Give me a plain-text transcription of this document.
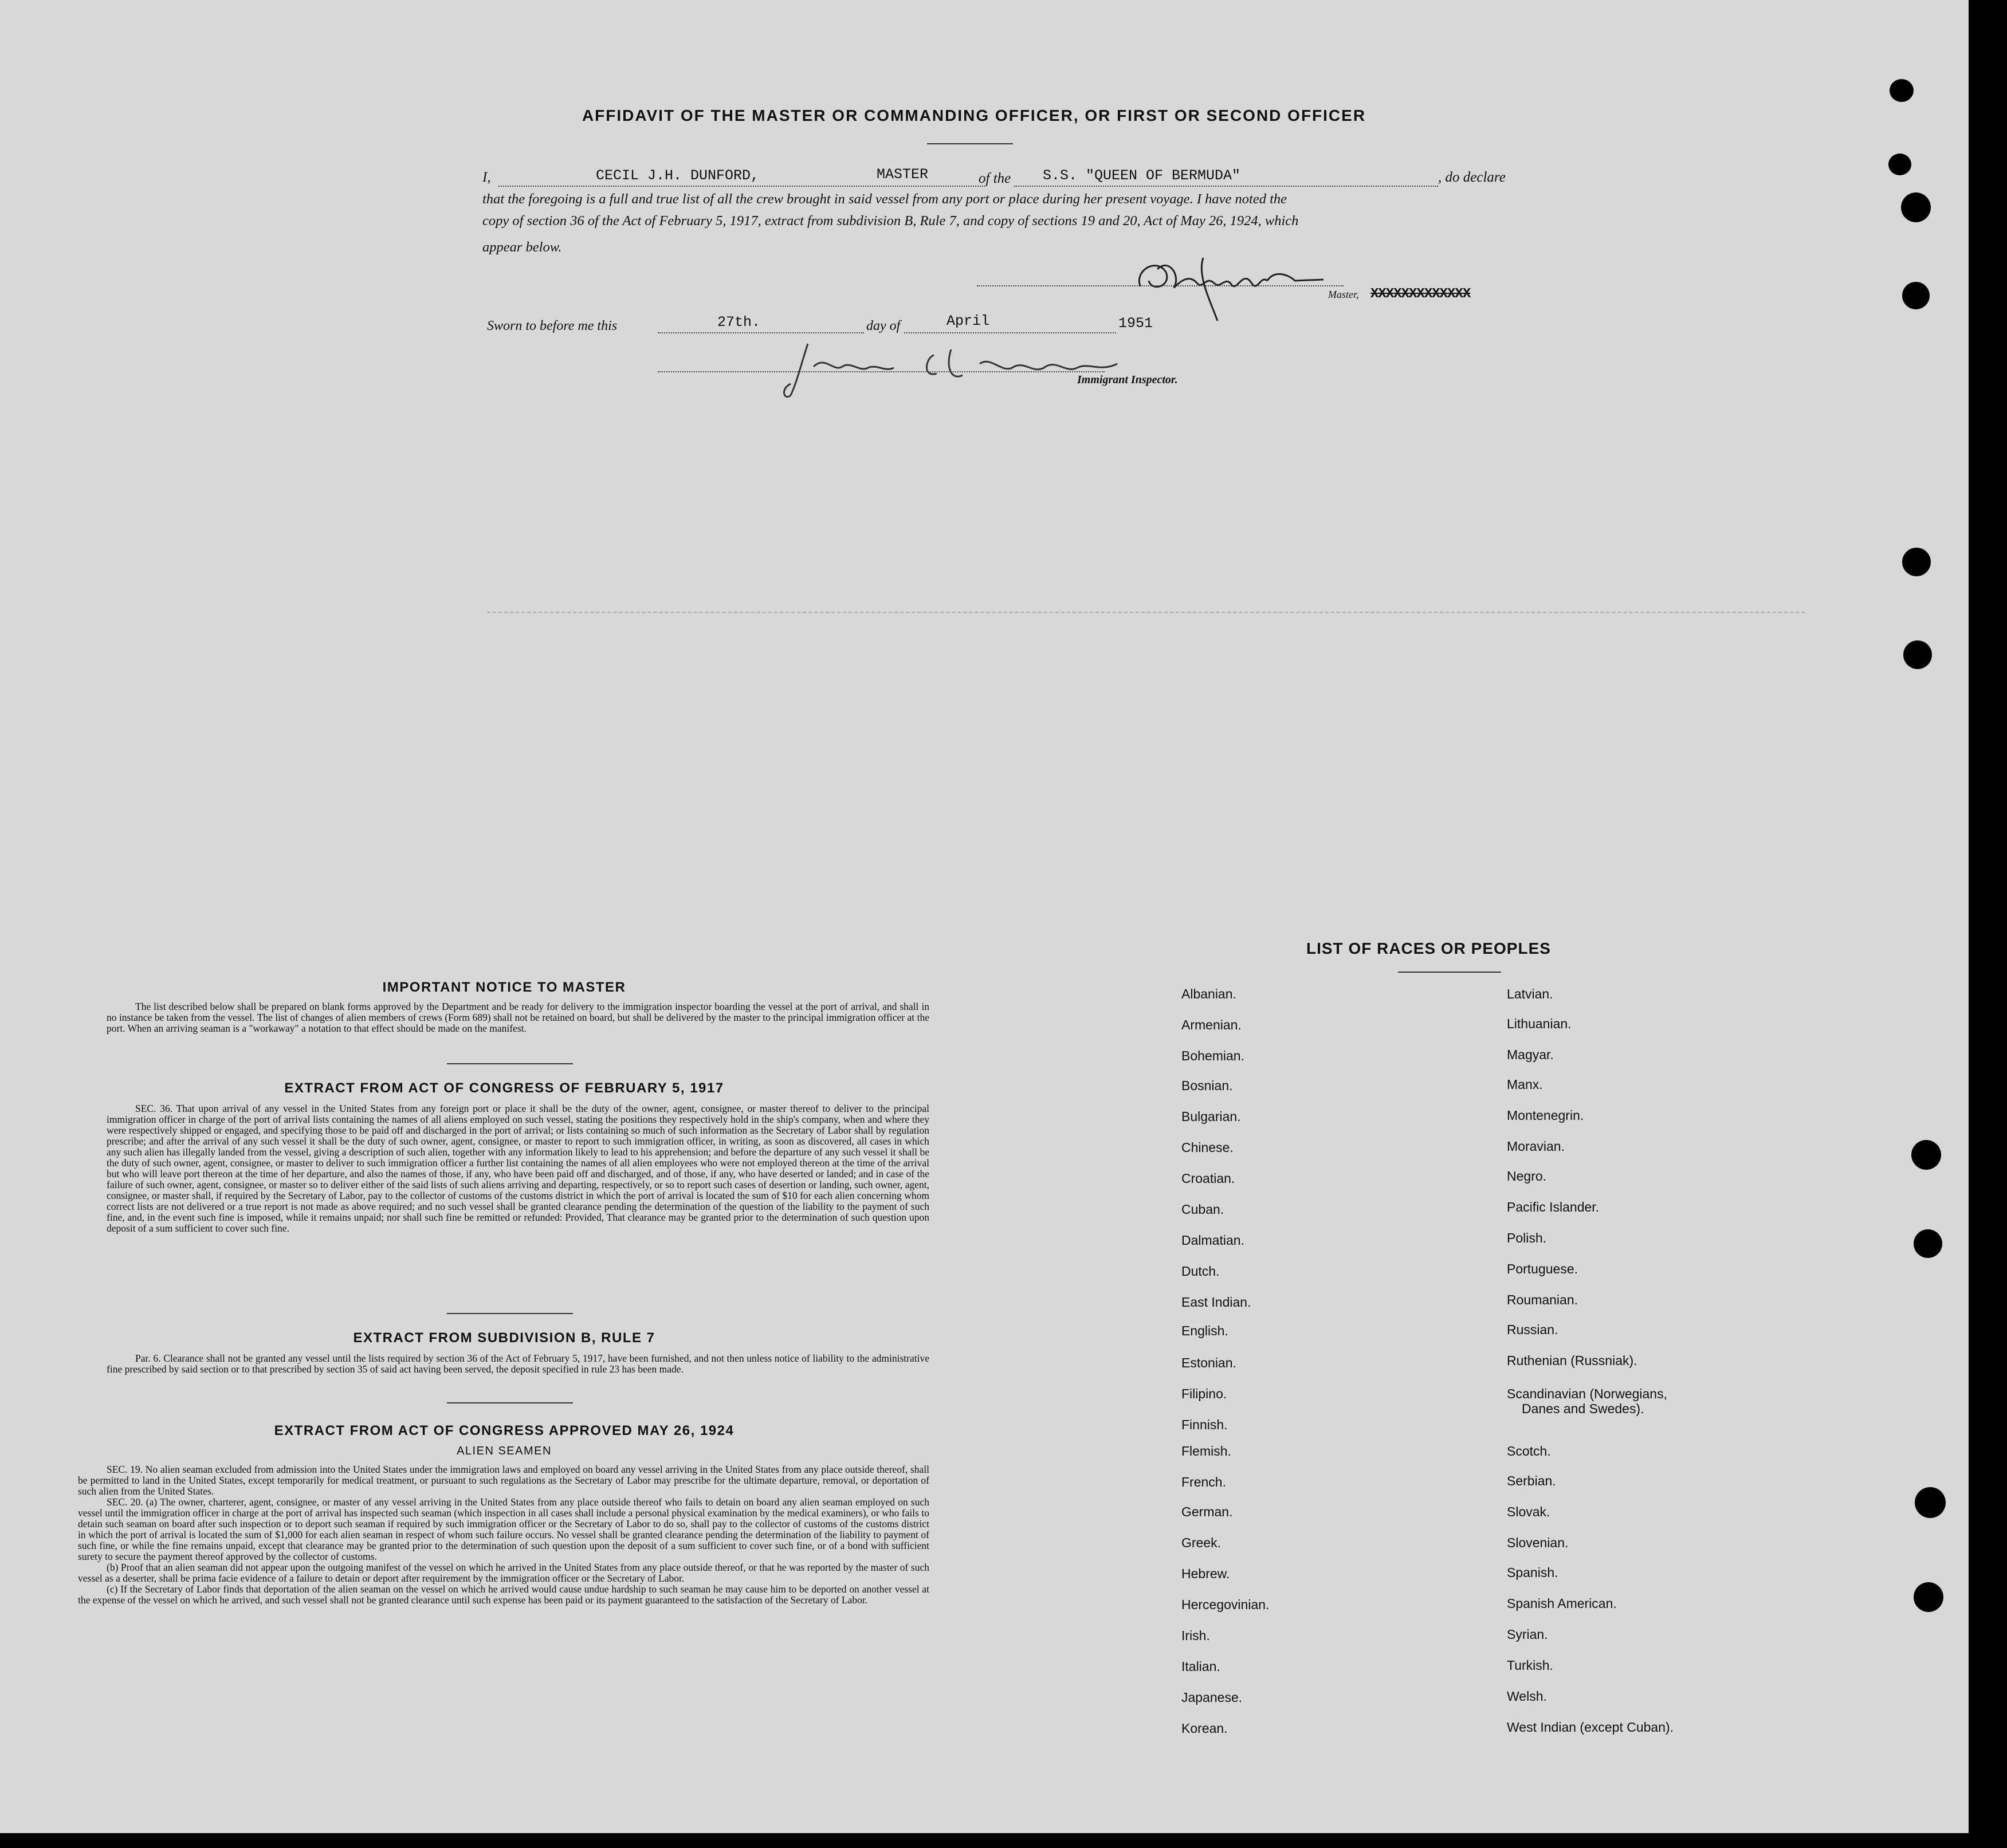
AFFIDAVIT OF THE MASTER OR COMMANDING OFFICER, OR FIRST OR SECOND OFFICER
I,	CECIL J.H. DUNFORD,	MASTER	of the S.S. "QUEEN OF BERMUDA"	, do declare
that the foregoing is a full and true list of all the crew brought in said vessel from any port or place during her present voyage. I have noted the
copy of section 36 of the Act of February 5, 1917, extract from subdivision B, Rule 7, and copy of sections 19 and 20, Act of May 26, 1924, which
appear below.
Master, XXXXXXXXXXXXX
Sworn to before me this	27th.	day of	April	1951
Immigrant Inspector.
IMPORTANT NOTICE TO MASTER

The list described below shall be prepared on blank forms approved by the Department and be ready for delivery to the immigration inspector boarding the vessel at the port of arrival, and shall in no instance be taken from the vessel. The list of changes of alien members of crews (Form 689) shall not be retained on board, but shall be delivered by the master to the principal immigration officer at the port. When an arriving seaman is a "workaway" a notation to that effect should be made on the manifest.

EXTRACT FROM ACT OF CONGRESS OF FEBRUARY 5, 1917

SEC. 36. That upon arrival of any vessel in the United States from any foreign port or place it shall be the duty of the owner, agent, consignee, or master thereof to deliver to the principal immigration officer in charge of the port of arrival lists containing the names of all aliens employed on such vessel, stating the positions they respectively hold in the ship's company, when and where they were respectively shipped or engaged, and specifying those to be paid off and discharged in the port of arrival; or lists containing so much of such information as the Secretary of Labor shall by regulation prescribe; and after the arrival of any such vessel it shall be the duty of such owner, agent, consignee, or master to report to such immigration officer, in writing, as soon as discovered, all cases in which any such alien has illegally landed from the vessel, giving a description of such alien, together with any information likely to lead to his apprehension; and before the departure of any such vessel it shall be the duty of such owner, agent, consignee, or master to deliver to such immigration officer a further list containing the names of all alien employees who were not employed thereon at the time of the arrival but who will leave port thereon at the time of her departure, and also the names of those, if any, who have been paid off and discharged, and of those, if any, who have deserted or landed; and in case of the failure of such owner, agent, consignee, or master so to deliver either of the said lists of such aliens arriving and departing, respectively, or so to report such cases of desertion or landing, such owner, agent, consignee, or master shall, if required by the Secretary of Labor, pay to the collector of customs of the customs district in which the port of arrival is located the sum of $10 for each alien concerning whom correct lists are not delivered or a true report is not made as above required; and no such vessel shall be granted clearance pending the determination of the question of the liability to the payment of such fine, and, in the event such fine is imposed, while it remains unpaid; nor shall such fine be remitted or refunded: Provided, That clearance may be granted prior to the determination of such question upon deposit of a sum sufficient to cover such fine.

EXTRACT FROM SUBDIVISION B, RULE 7

Par. 6. Clearance shall not be granted any vessel until the lists required by section 36 of the Act of February 5, 1917, have been furnished, and not then unless notice of liability to the administrative fine prescribed by said section or to that prescribed by section 35 of said act having been served, the deposit specified in rule 23 has been made.

EXTRACT FROM ACT OF CONGRESS APPROVED MAY 26, 1924
ALIEN SEAMEN

SEC. 19. No alien seaman excluded from admission into the United States under the immigration laws and employed on board any vessel arriving in the United States from any place outside thereof, shall be permitted to land in the United States, except temporarily for medical treatment, or pursuant to such regulations as the Secretary of Labor may prescribe for the ultimate departure, removal, or deportation of such alien from the United States.

SEC. 20. (a) The owner, charterer, agent, consignee, or master of any vessel arriving in the United States from any place outside thereof who fails to detain on board any alien seaman employed on such vessel until the immigration officer in charge at the port of arrival has inspected such seaman (which inspection in all cases shall include a personal physical examination by the medical examiners), or who fails to detain such seaman on board after such inspection or to deport such seaman if required by such immigration officer or the Secretary of Labor to do so, shall pay to the collector of customs of the customs district in which the port of arrival is located the sum of $1,000 for each alien seaman in respect of whom such failure occurs. No vessel shall be granted clearance pending the determination of the liability to payment of such fine, or while the fine remains unpaid, except that clearance may be granted prior to the determination of such question upon the deposit of a sum sufficient to cover such fine, or of a bond with sufficient surety to secure the payment thereof approved by the collector of customs.

(b) Proof that an alien seaman did not appear upon the outgoing manifest of the vessel on which he arrived in the United States from any place outside thereof, or that he was reported by the master of such vessel as a deserter, shall be prima facie evidence of a failure to detain or deport after requirement by the immigration officer or the Secretary of Labor.

(c) If the Secretary of Labor finds that deportation of the alien seaman on the vessel on which he arrived would cause undue hardship to such seaman he may cause him to be deported on another vessel at the expense of the vessel on which he arrived, and such vessel shall not be granted clearance until such expense has been paid or its payment guaranteed to the satisfaction of the Secretary of Labor.

LIST OF RACES OR PEOPLES
Albanian.
Armenian.
Bohemian.
Bosnian.
Bulgarian.
Chinese.
Croatian.
Cuban.
Dalmatian.
Dutch.
East Indian.
English.
Estonian.
Filipino.
Finnish.
Flemish.
French.
German.
Greek.
Hebrew.
Hercegovinian.
Irish.
Italian.
Japanese.
Korean.
Latvian.
Lithuanian.
Magyar.
Manx.
Montenegrin.
Moravian.
Negro.
Pacific Islander.
Polish.
Portuguese.
Roumanian.
Russian.
Ruthenian (Russniak).
Scandinavian (Norwegians,
Danes and Swedes).
Scotch.
Serbian.
Slovak.
Slovenian.
Spanish.
Spanish American.
Syrian.
Turkish.
Welsh.
West Indian (except Cuban).
